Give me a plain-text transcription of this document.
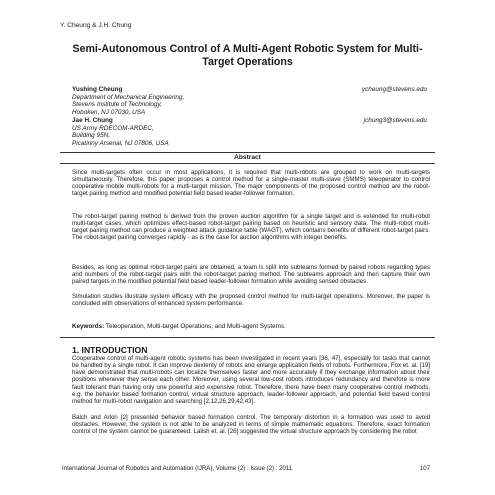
Y. Cheung & J.H. Chung
Semi-Autonomous Control of A Multi-Agent Robotic System for Multi-Target Operations
Yushing Cheung
Department of Mechanical Engineering,
Stevens Institute of Technology,
Hoboken, NJ 07030, USA
ycheung@stevens.edu
Jae H. Chung
US Army RDECOM-ARDEC,
Building 95N,
Picatinny Arsenal, NJ 07806, USA
jchung3@stevens.edu
Abstract

Since multi-targets often occur in most applications, it is required that multi-robots are grouped to work on multi-targets simultaneously. Therefore, this paper proposes a control method for a single-master multi-slave (SMMS) teleoperator to control cooperative mobile multi-robots for a multi-target mission. The major components of the proposed control method are the robot-target pairing method and modified potential field based leader-follower formation.

The robot-target pairing method is derived from the proven auction algorithm for a single target and is extended for multi-robot multi-target cases, which optimizes effect-based robot-target pairing based on heuristic and sensory data. The multi-robot multi-target pairing method can produce a weighted attack guidance table (WAGT), which contains benefits of different robot-target pairs. The robot-target pairing converges rapidly - as is the case for auction algorithms with integer benefits.

Besides, as long as optimal robot-target pairs are obtained, a team is split into subteams formed by paired robots regarding types and numbers of the robot-target pairs with the robot-target pairing method. The subteams approach and then capture their own paired targets in the modified potential field based leader-follower formation while avoiding sensed obstacles.

Simulation studies illustrate system efficacy with the proposed control method for multi-target operations. Moreover, the paper is concluded with observations of enhanced system performance.

Keywords: Teleoperation, Multi-target Operations, and Multi-agent Systems.
1. INTRODUCTION

Cooperative control of multi-agent robotic systems has been investigated in recent years [36, 47], especially for tasks that cannot be handled by a single robot. It can improve dexterity of robots and enlarge application fields of robots. Furthermore, Fox et. al. [19] have demonstrated that multi-robots can localize themselves faster and more accurately if they exchange information about their positions whenever they sense each other. Moreover, using several low-cost robots introduces redundancy and therefore is more fault tolerant than having only one powerful and expensive robot. Therefore, there have been many cooperative control methods, e.g. the behavior based formation control, virtual structure approach, leader-follower approach, and potential field based control method for multi-robot navigation and searching [2,12,26,29,42,43].

Balch and Arkin [2] presented behavior based formation control. The temporary distortion in a formation was used to avoid obstacles. However, the system is not able to be analyzed in terms of simple mathematic equations. Therefore, exact formation control of the system cannot be guaranteed. Lalish et. al. [26] suggested the virtual structure approach by considering the robot

International Journal of Robotics and Automation (IJRA), Volume (2) : Issue (2) : 2011	107
